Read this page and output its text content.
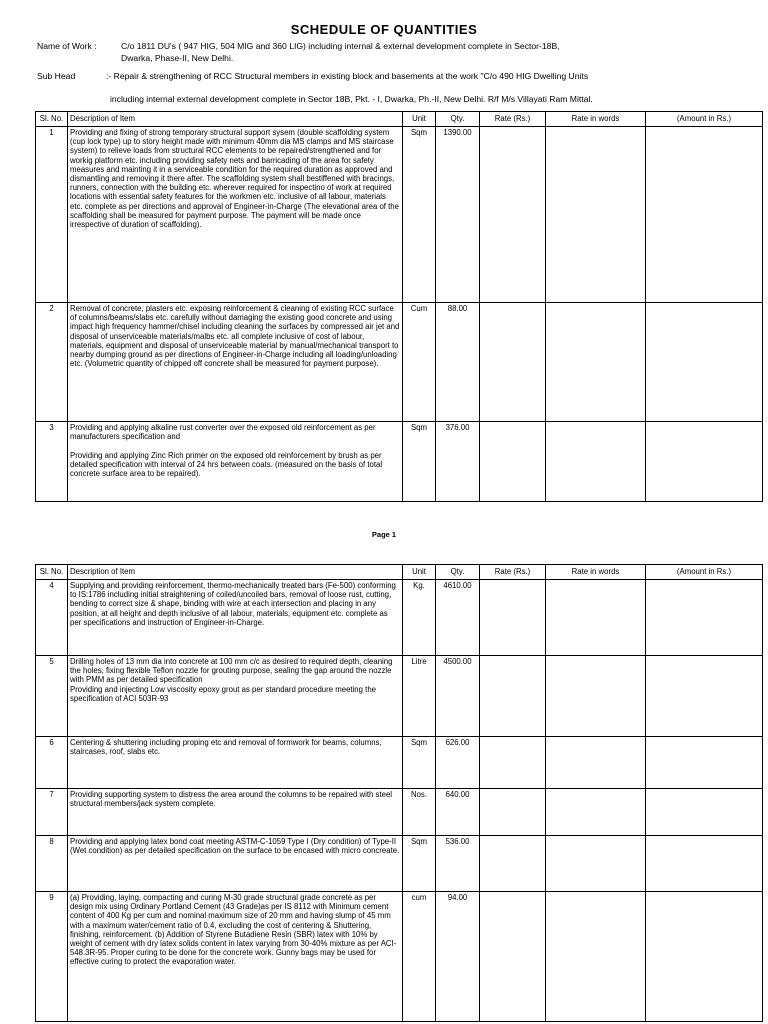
SCHEDULE OF QUANTITIES
Name of Work :	C/o 1811 DU's ( 947 HIG, 504 MIG and 360 LIG) including internal & external development complete in Sector-18B,
Dwarka, Phase-II, New Delhi.
Sub Head	:- Repair & strengthening of RCC Structural members in existing block and basements at the work "C/o 490 HIG Dwelling Units
including internal external development complete in Sector 18B, Pkt. - I, Dwarka, Ph.-II, New Delhi. R/f M/s Villayati Ram Mittal.
Sl. No.	Description of Item	Unit	Qty.	Rate (Rs.)	Rate in words	(Amount in Rs.)
1	Providing and fixing of strong temporary structural support sysem (double scaffolding system (cup lock type) up to story height made with minimum 40mm dia MS clamps and MS staircase system) to relieve loads from structural RCC elements to be repaired/strengthened and for workig platform etc. including providing safety nets and barricading of the area for safety measures and mainting it in a serviceable condition for the required duration as approved and dismantling and removing it there after. The scaffolding system shall bestiffened with bracings, runners, connection with the building etc. wherever required for inspectino of work at required locations with essential safety features for the workmen etc. inclusive of all labour, materials etc. complete as per directions and approval of Engineer-in-Charge (The elevational area of the scaffolding shall be measured for payment purpose. The payment will be made once irrespective of duration of scaffolding).	Sqm	1390.00			
2	Removal of concrete, plasters etc. exposing reinforcement & cleaning of existing RCC surface of columns/beams/slabs etc. carefully without damaging the existing good concrete and using impact high frequency hammer/chisel including cleaning the surfaces by compressed air jet and disposal of unserviceable materials/malbs etc. all complete inclusive of cost of labour, materials, equipment and disposal of unserviceable material by manual/mechanical transport to nearby dumping ground as per directions of Engineer-in-Charge including all loading/unloading etc. (Volumetric quantity of chipped off concrete shall be measured for payment purpose).	Cum	88.00			
3	Providing and applying alkaline rust converter over the exposed old reinforcement as per manufacturers specification and

Providing and applying Zinc Rich primer on the exposed old reinforcement by brush as per detailed specification with interval of 24 hrs between coats. (measured on the basis of total concrete surface area to be repaired).	Sqm	376.00			
Page 1
Sl. No.	Description of Item	Unit	Qty.	Rate (Rs.)	Rate in words	(Amount in Rs.)
4	Supplying and providing reinforcement, thermo-mechanically treated bars (Fe-500) conforming to IS:1786 including initial straightening of coiled/uncoiled bars, removal of loose rust, cutting, bending to correct size & shape, binding with wire at each intersection and placing in any position, at all height and depth inclusive of all labour, materials, equipment etc. complete as per specifications and instruction of Engineer-in-Charge.	Kg.	4610.00			
5	Drilling holes of 13 mm dia into concrete at 100 mm c/c as desired to required depth, cleaning the holes, fixing flexible Teflon nozzle for grouting purpose, sealing the gap around the nozzle with PMM as per detailed specification
Providing and injecting Low viscosity epoxy grout as per standard procedure meeting the specification of ACI 503R-93	Litre	4500.00			
6	Centering & shuttering including proping etc and removal of formwork for beams, columns, staircases, roof, slabs etc.	Sqm	626.00			
7	Providing supporting system to distress the area around the columns to be repaired with steel structural members/jack system complete.	Nos.	640.00			
8	Providing and applying latex bond coat meeting ASTM-C-1059 Type I (Dry condition) of Type-II (Wet condition) as per detailed specification on the surface to be encased with micro concreate.	Sqm	536.00			
9	(a) Providing, laying, compacting and curing M-30 grade structural grade concrete as per design mix using Ordinary Portland Cement (43 Grade)as per IS 8112 with Minimum cement content of 400 Kg per cum and nominal maximum size of 20 mm and having slump of 45 mm with a maximum water/cement ratio of 0.4, excluding the cost of centering & Shuttering, finishing, reinforcement. (b) Addition of Styrene Butadiene Resin (SBR) latex with 10% by weight of cement with dry latex solids content in latex varying from 30-40% mixture as per ACI-548.3R-95. Proper curing to be done for the concrete work. Gunny bags may be used for effective curing to protect the evaporation water.	cum	94.00			
